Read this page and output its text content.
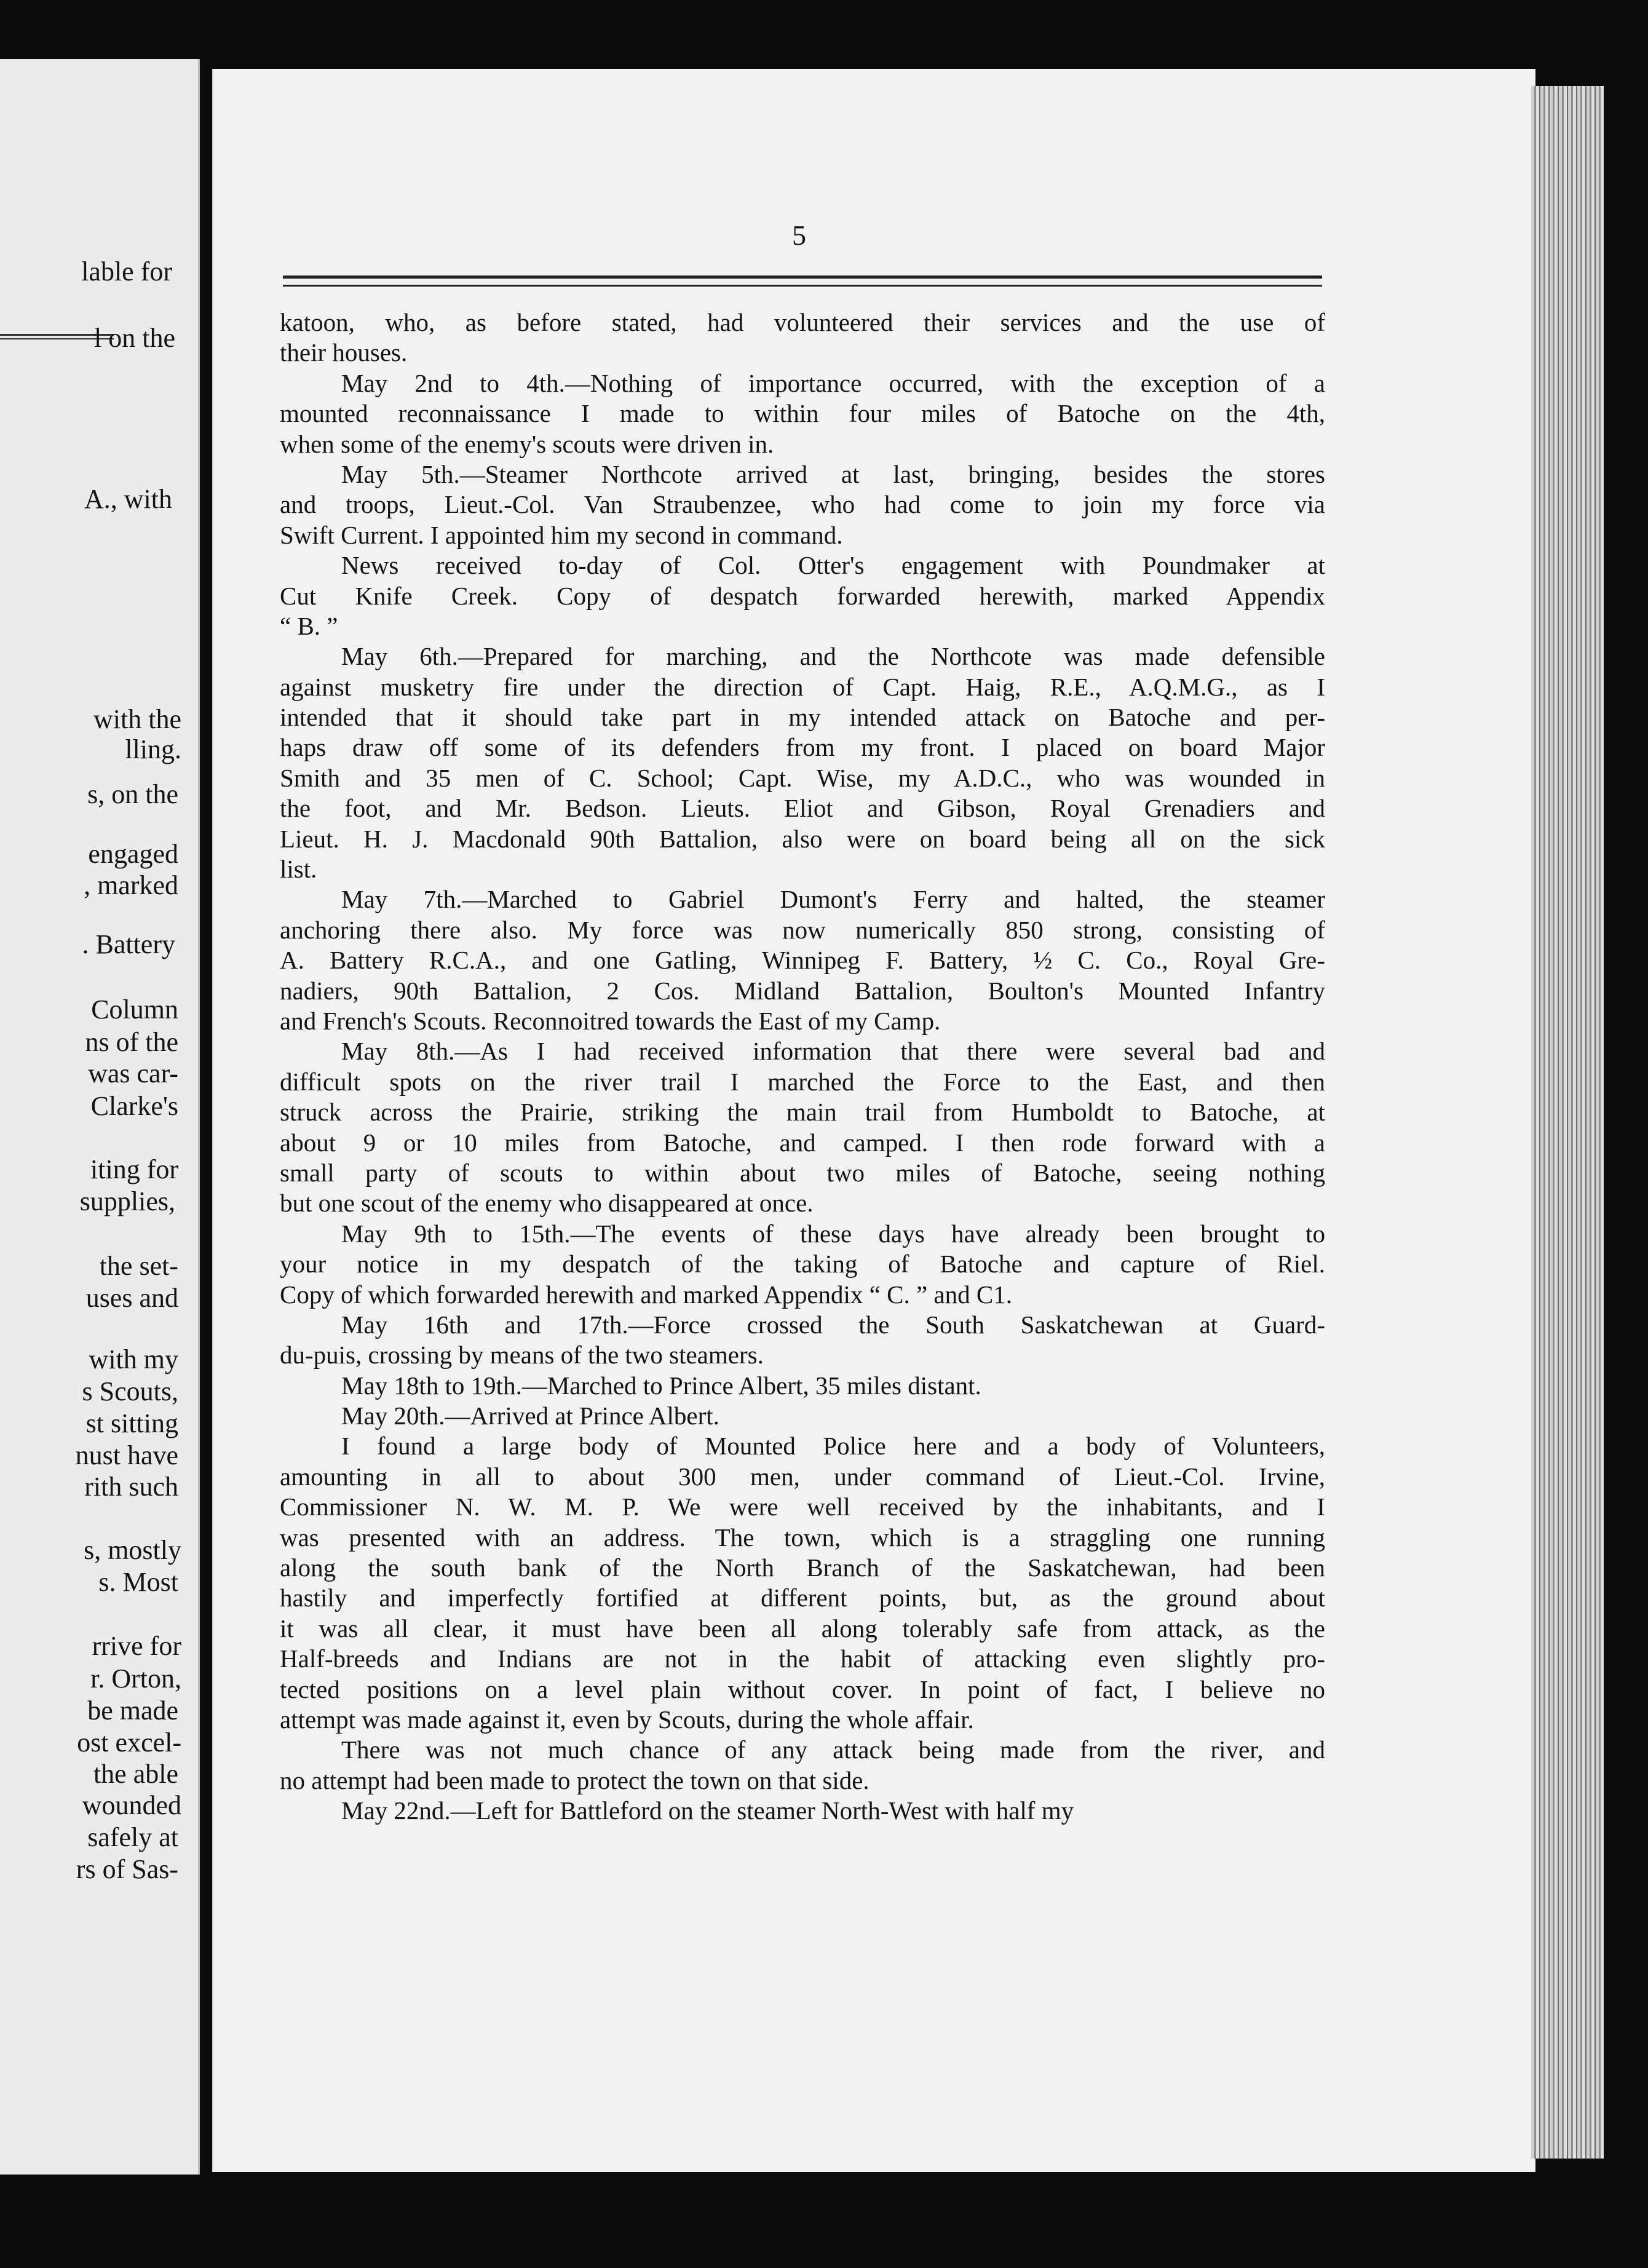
lable for
l on the
A., with
with the
lling.
s, on the
engaged
, marked
. Battery
Column
ns of the
was car-
Clarke's
iting for
supplies,
the set-
uses and
with my
s Scouts,
st sitting
nust have
rith such
s, mostly
s. Most
rrive for
r. Orton,
be made
ost excel-
the able
wounded
safely at
rs of Sas-
5
katoon, who, as before stated, had volunteered their services and the use of
their houses.
May 2nd to 4th.—Nothing of importance occurred, with the exception of a
mounted reconnaissance I made to within four miles of Batoche on the 4th,
when some of the enemy's scouts were driven in.
May 5th.—Steamer Northcote arrived at last, bringing, besides the stores
and troops, Lieut.-Col. Van Straubenzee, who had come to join my force via
Swift Current. I appointed him my second in command.
News received to-day of Col. Otter's engagement with Poundmaker at
Cut Knife Creek. Copy of despatch forwarded herewith, marked Appendix
“ B. ”
May 6th.—Prepared for marching, and the Northcote was made defensible
against musketry fire under the direction of Capt. Haig, R.E., A.Q.M.G., as I
intended that it should take part in my intended attack on Batoche and per-
haps draw off some of its defenders from my front. I placed on board Major
Smith and 35 men of C. School; Capt. Wise, my A.D.C., who was wounded in
the foot, and Mr. Bedson. Lieuts. Eliot and Gibson, Royal Grenadiers and
Lieut. H. J. Macdonald 90th Battalion, also were on board being all on the sick
list.
May 7th.—Marched to Gabriel Dumont's Ferry and halted, the steamer
anchoring there also. My force was now numerically 850 strong, consisting of
A. Battery R.C.A., and one Gatling, Winnipeg F. Battery, ½ C. Co., Royal Gre-
nadiers, 90th Battalion, 2 Cos. Midland Battalion, Boulton's Mounted Infantry
and French's Scouts. Reconnoitred towards the East of my Camp.
May 8th.—As I had received information that there were several bad and
difficult spots on the river trail I marched the Force to the East, and then
struck across the Prairie, striking the main trail from Humboldt to Batoche, at
about 9 or 10 miles from Batoche, and camped. I then rode forward with a
small party of scouts to within about two miles of Batoche, seeing nothing
but one scout of the enemy who disappeared at once.
May 9th to 15th.—The events of these days have already been brought to
your notice in my despatch of the taking of Batoche and capture of Riel.
Copy of which forwarded herewith and marked Appendix “ C. ” and C1.
May 16th and 17th.—Force crossed the South Saskatchewan at Guard-
du-puis, crossing by means of the two steamers.
May 18th to 19th.—Marched to Prince Albert, 35 miles distant.
May 20th.—Arrived at Prince Albert.
I found a large body of Mounted Police here and a body of Volunteers,
amounting in all to about 300 men, under command of Lieut.-Col. Irvine,
Commissioner N. W. M. P. We were well received by the inhabitants, and I
was presented with an address. The town, which is a straggling one running
along the south bank of the North Branch of the Saskatchewan, had been
hastily and imperfectly fortified at different points, but, as the ground about
it was all clear, it must have been all along tolerably safe from attack, as the
Half-breeds and Indians are not in the habit of attacking even slightly pro-
tected positions on a level plain without cover. In point of fact, I believe no
attempt was made against it, even by Scouts, during the whole affair.
There was not much chance of any attack being made from the river, and
no attempt had been made to protect the town on that side.
May 22nd.—Left for Battleford on the steamer North-West with half my
